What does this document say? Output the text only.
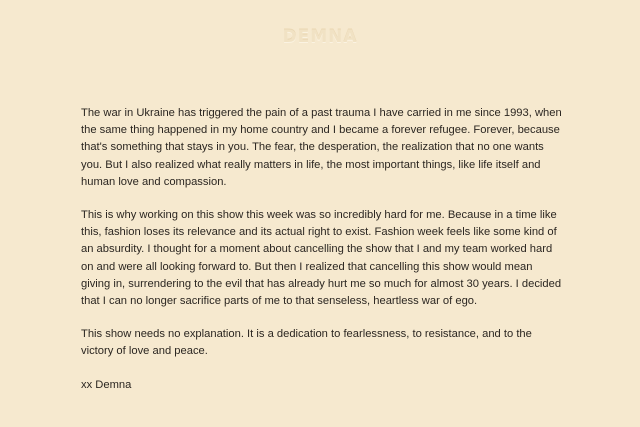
DEMNA

The war in Ukraine has triggered the pain of a past trauma I have carried in me since 1993, when the same thing happened in my home country and I became a forever refugee. Forever, because that's something that stays in you. The fear, the desperation, the realization that no one wants you. But I also realized what really matters in life, the most important things, like life itself and human love and compassion.

This is why working on this show this week was so incredibly hard for me. Because in a time like this, fashion loses its relevance and its actual right to exist. Fashion week feels like some kind of an absurdity. I thought for a moment about cancelling the show that I and my team worked hard on and were all looking forward to. But then I realized that cancelling this show would mean giving in, surrendering to the evil that has already hurt me so much for almost 30 years. I decided that I can no longer sacrifice parts of me to that senseless, heartless war of ego.

This show needs no explanation. It is a dedication to fearlessness, to resistance, and to the victory of love and peace.

xx Demna
